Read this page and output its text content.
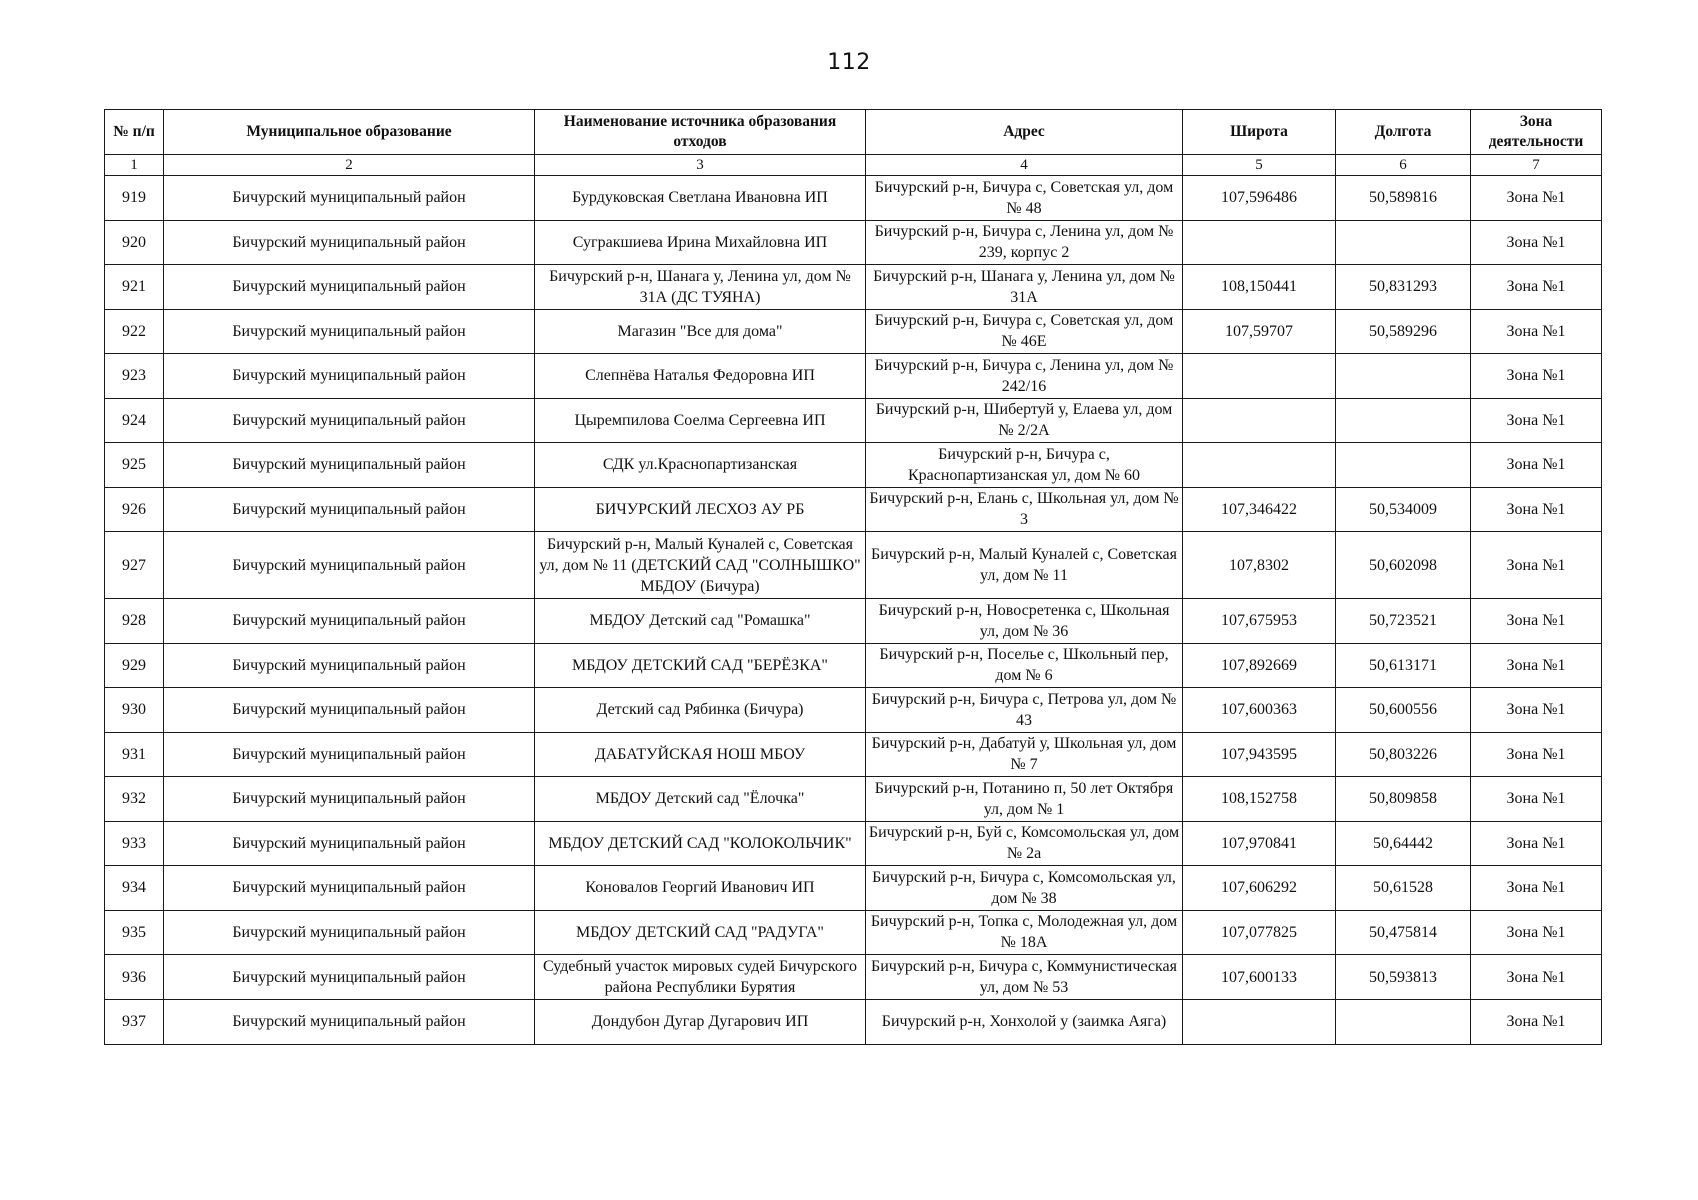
112
№ п/п	Муниципальное образование	Наименование источника образования отходов	Адрес	Широта	Долгота	Зона деятельности
1	2	3	4	5	6	7
919	Бичурский муниципальный район	Бурдуковская Светлана Ивановна ИП	Бичурский р-н, Бичура с, Советская ул, дом № 48	107,596486	50,589816	Зона №1
920	Бичурский муниципальный район	Сугракшиева Ирина Михайловна ИП	Бичурский р-н, Бичура с, Ленина ул, дом № 239, корпус 2			Зона №1
921	Бичурский муниципальный район	Бичурский р-н, Шанага у, Ленина ул, дом № 31А (ДС ТУЯНА)	Бичурский р-н, Шанага у, Ленина ул, дом № 31А	108,150441	50,831293	Зона №1
922	Бичурский муниципальный район	Магазин "Все для дома"	Бичурский р-н, Бичура с, Советская ул, дом № 46Е	107,59707	50,589296	Зона №1
923	Бичурский муниципальный район	Слепнёва Наталья Федоровна ИП	Бичурский р-н, Бичура с, Ленина ул, дом № 242/16			Зона №1
924	Бичурский муниципальный район	Цыремпилова Соелма Сергеевна ИП	Бичурский р-н, Шибертуй у, Елаева ул, дом № 2/2А			Зона №1
925	Бичурский муниципальный район	СДК ул.Краснопартизанская	Бичурский р-н, Бичура с, Краснопартизанская ул, дом № 60			Зона №1
926	Бичурский муниципальный район	БИЧУРСКИЙ ЛЕСХОЗ АУ РБ	Бичурский р-н, Елань с, Школьная ул, дом № 3	107,346422	50,534009	Зона №1
927	Бичурский муниципальный район	Бичурский р-н, Малый Куналей с, Советская ул, дом № 11 (ДЕТСКИЙ САД "СОЛНЫШКО" МБДОУ (Бичура)	Бичурский р-н, Малый Куналей с, Советская ул, дом № 11	107,8302	50,602098	Зона №1
928	Бичурский муниципальный район	МБДОУ Детский сад "Ромашка"	Бичурский р-н, Новосретенка с, Школьная ул, дом № 36	107,675953	50,723521	Зона №1
929	Бичурский муниципальный район	МБДОУ ДЕТСКИЙ САД "БЕРЁЗКА"	Бичурский р-н, Поселье с, Школьный пер, дом № 6	107,892669	50,613171	Зона №1
930	Бичурский муниципальный район	Детский сад Рябинка (Бичура)	Бичурский р-н, Бичура с, Петрова ул, дом № 43	107,600363	50,600556	Зона №1
931	Бичурский муниципальный район	ДАБАТУЙСКАЯ НОШ МБОУ	Бичурский р-н, Дабатуй у, Школьная ул, дом № 7	107,943595	50,803226	Зона №1
932	Бичурский муниципальный район	МБДОУ Детский сад "Ёлочка"	Бичурский р-н, Потанино п, 50 лет Октября ул, дом № 1	108,152758	50,809858	Зона №1
933	Бичурский муниципальный район	МБДОУ ДЕТСКИЙ САД "КОЛОКОЛЬЧИК"	Бичурский р-н, Буй с, Комсомольская ул, дом № 2а	107,970841	50,64442	Зона №1
934	Бичурский муниципальный район	Коновалов Георгий Иванович ИП	Бичурский р-н, Бичура с, Комсомольская ул, дом № 38	107,606292	50,61528	Зона №1
935	Бичурский муниципальный район	МБДОУ ДЕТСКИЙ САД "РАДУГА"	Бичурский р-н, Топка с, Молодежная ул, дом № 18А	107,077825	50,475814	Зона №1
936	Бичурский муниципальный район	Судебный участок мировых судей Бичурского района Республики Бурятия	Бичурский р-н, Бичура с, Коммунистическая ул, дом № 53	107,600133	50,593813	Зона №1
937	Бичурский муниципальный район	Дондубон Дугар Дугарович ИП	Бичурский р-н, Хонхолой у (заимка Аяга)			Зона №1
